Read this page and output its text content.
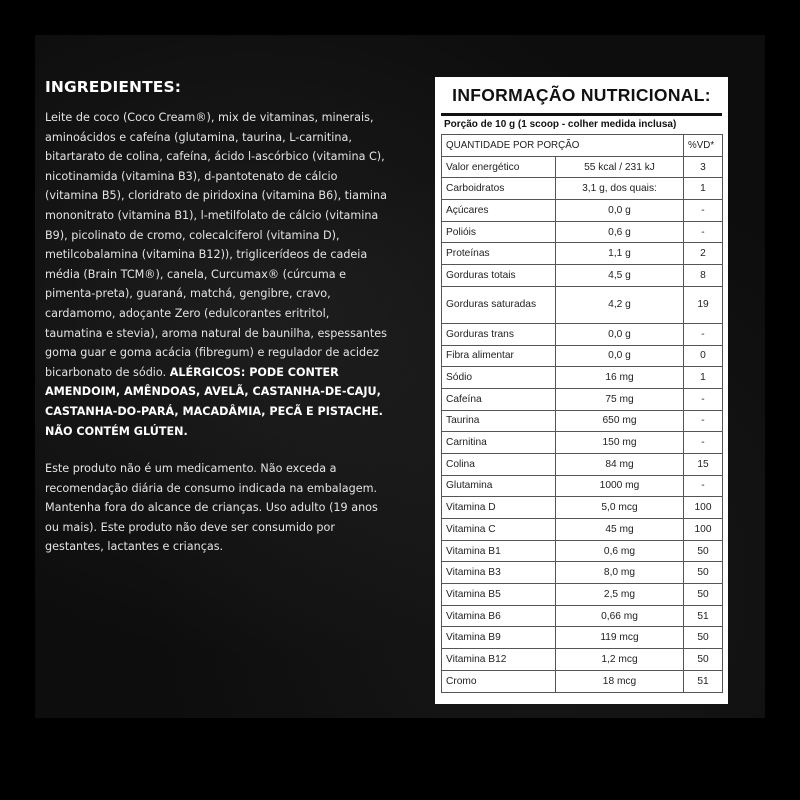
INGREDIENTES:

Leite de coco (Coco Cream®), mix de vitaminas, minerais, aminoácidos e cafeína (glutamina, taurina, L-carnitina, bitartarato de colina, cafeína, ácido l-ascórbico (vitamina C), nicotinamida (vitamina B3), d-pantotenato de cálcio (vitamina B5), cloridrato de piridoxina (vitamina B6), tiamina mononitrato (vitamina B1), l-metilfolato de cálcio (vitamina B9), picolinato de cromo, colecalciferol (vitamina D), metilcobalamina (vitamina B12)), triglicerídeos de cadeia média (Brain TCM®), canela, Curcumax® (cúrcuma e pimenta-preta), guaraná, matchá, gengibre, cravo, cardamomo, adoçante Zero (edulcorantes eritritol, taumatina e stevia), aroma natural de baunilha, espessantes goma guar e goma acácia (fibregum) e regulador de acidez bicarbonato de sódio. ALÉRGICOS: PODE CONTER AMENDOIM, AMÊNDOAS, AVELÃ, CASTANHA-DE-CAJU, CASTANHA-DO-PARÁ, MACADÂMIA, PECÃ E PISTACHE. NÃO CONTÉM GLÚTEN.

Este produto não é um medicamento. Não exceda a recomendação diária de consumo indicada na embalagem. Mantenha fora do alcance de crianças. Uso adulto (19 anos ou mais). Este produto não deve ser consumido por gestantes, lactantes e crianças.

INFORMAÇÃO NUTRICIONAL:
Porção de 10 g (1 scoop - colher medida inclusa)
QUANTIDADE POR PORÇÃO		%VD*
Valor energético	55 kcal / 231 kJ	3
Carboidratos	3,1 g, dos quais:	1
Açúcares	0,0 g	-
Polióis	0,6 g	-
Proteínas	1,1 g	2
Gorduras totais	4,5 g	8
Gorduras saturadas	4,2 g	19
Gorduras trans	0,0 g	-
Fibra alimentar	0,0 g	0
Sódio	16 mg	1
Cafeína	75 mg	-
Taurina	650 mg	-
Carnitina	150 mg	-
Colina	84 mg	15
Glutamina	1000 mg	-
Vitamina D	5,0 mcg	100
Vitamina C	45 mg	100
Vitamina B1	0,6 mg	50
Vitamina B3	8,0 mg	50
Vitamina B5	2,5 mg	50
Vitamina B6	0,66 mg	51
Vitamina B9	119 mcg	50
Vitamina B12	1,2 mcg	50
Cromo	18 mcg	51
